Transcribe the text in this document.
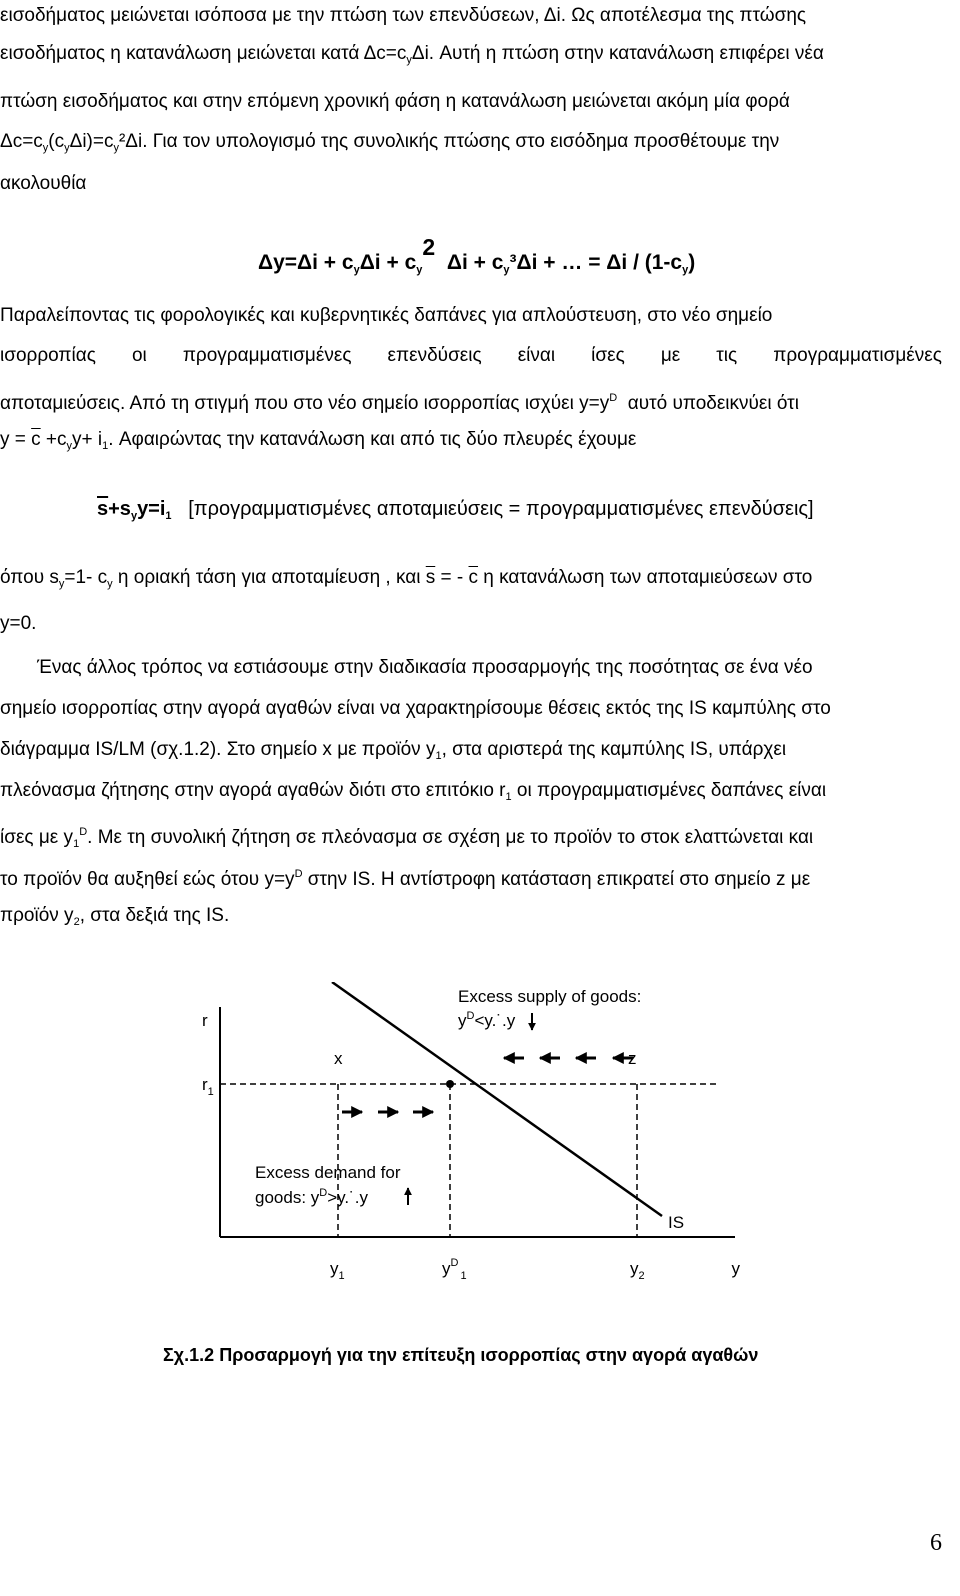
εισοδήματος μειώνεται ισόποσα με την πτώση των επενδύσεων, Δi. Ως αποτέλεσμα της πτώσης
εισοδήματος η κατανάλωση μειώνεται κατά $\Delta c=c_y\Delta i$. Αυτή η πτώση στην κατανάλωση επιφέρει νέα
πτώση εισοδήματος και στην επόμενη χρονική φάση η κατανάλωση μειώνεται ακόμη μία φορά
$\Delta c=c_y(c_y\Delta i)=c_y^2\Delta i$. Για τον υπολογισμό της συνολικής πτώσης στο εισόδημα προσθέτουμε την
ακολουθία
$\Delta y=\Delta i + c_y\Delta i + c_y2$  $\Delta i + c_y^3\Delta i$ + … = Δi / $(1-c_y)$
Παραλείποντας τις φορολογικές και κυβερνητικές δαπάνες για απλούστευση, στο νέο σημείο
ισορροπίας οι προγραμματισμένες επενδύσεις είναι ίσες με τις προγραμματισμένες
αποταμιεύσεις. Από τη στιγμή που στο νέο σημείο ισορροπίας ισχύει $y=y^D$ αυτό υποδεικνύει ότι
$y = \overline{c} +c_yy+ i_1$. Αφαιρώντας την κατανάλωση και από τις δύο πλευρές έχουμε
$\overline{s}+s_yy=i_1$ [προγραμματισμένες αποταμιεύσεις = προγραμματισμένες επενδύσεις]
όπου $s_y=1-$ $c_y$ η οριακή τάση για αποταμίευση , και $\overline{s}$ = - $\overline{c}$ η κατανάλωση των αποταμιεύσεων στο
y=0.
Ένας άλλος τρόπος να εστιάσουμε στην διαδικασία προσαρμογής της ποσότητας σε ένα νέο
σημείο ισορροπίας στην αγορά αγαθών είναι να χαρακτηρίσουμε θέσεις εκτός της IS καμπύλης στο
διάγραμμα IS/LM (σχ.1.2). Στο σημείο x με προϊόν $y_1$, στα αριστερά της καμπύλης IS, υπάρχει
πλεόνασμα ζήτησης στην αγορά αγαθών διότι στο επιτόκιο $r_1$ οι προγραμματισμένες δαπάνες είναι
ίσες με $y_1^D$. Με τη συνολική ζήτηση σε πλεόνασμα σε σχέση με το προϊόν το στοκ ελαττώνεται και
το προϊόν θα αυξηθεί εώς ότου $y=y^D$ στην IS. Η αντίστροφη κατάσταση επικρατεί στο σημείο z με
προϊόν $y_2$, στα δεξιά της IS.
r
$r_1$
x	z
Excess supply of goods:
$y^D<y.˙.y$
Excess demand for
goods: $y^D>y.˙.y$
IS
$y_1$	$y^D_1$	$y_2$	y
Σχ.1.2 Προσαρμογή για την επίτευξη ισορροπίας στην αγορά αγαθών
6
